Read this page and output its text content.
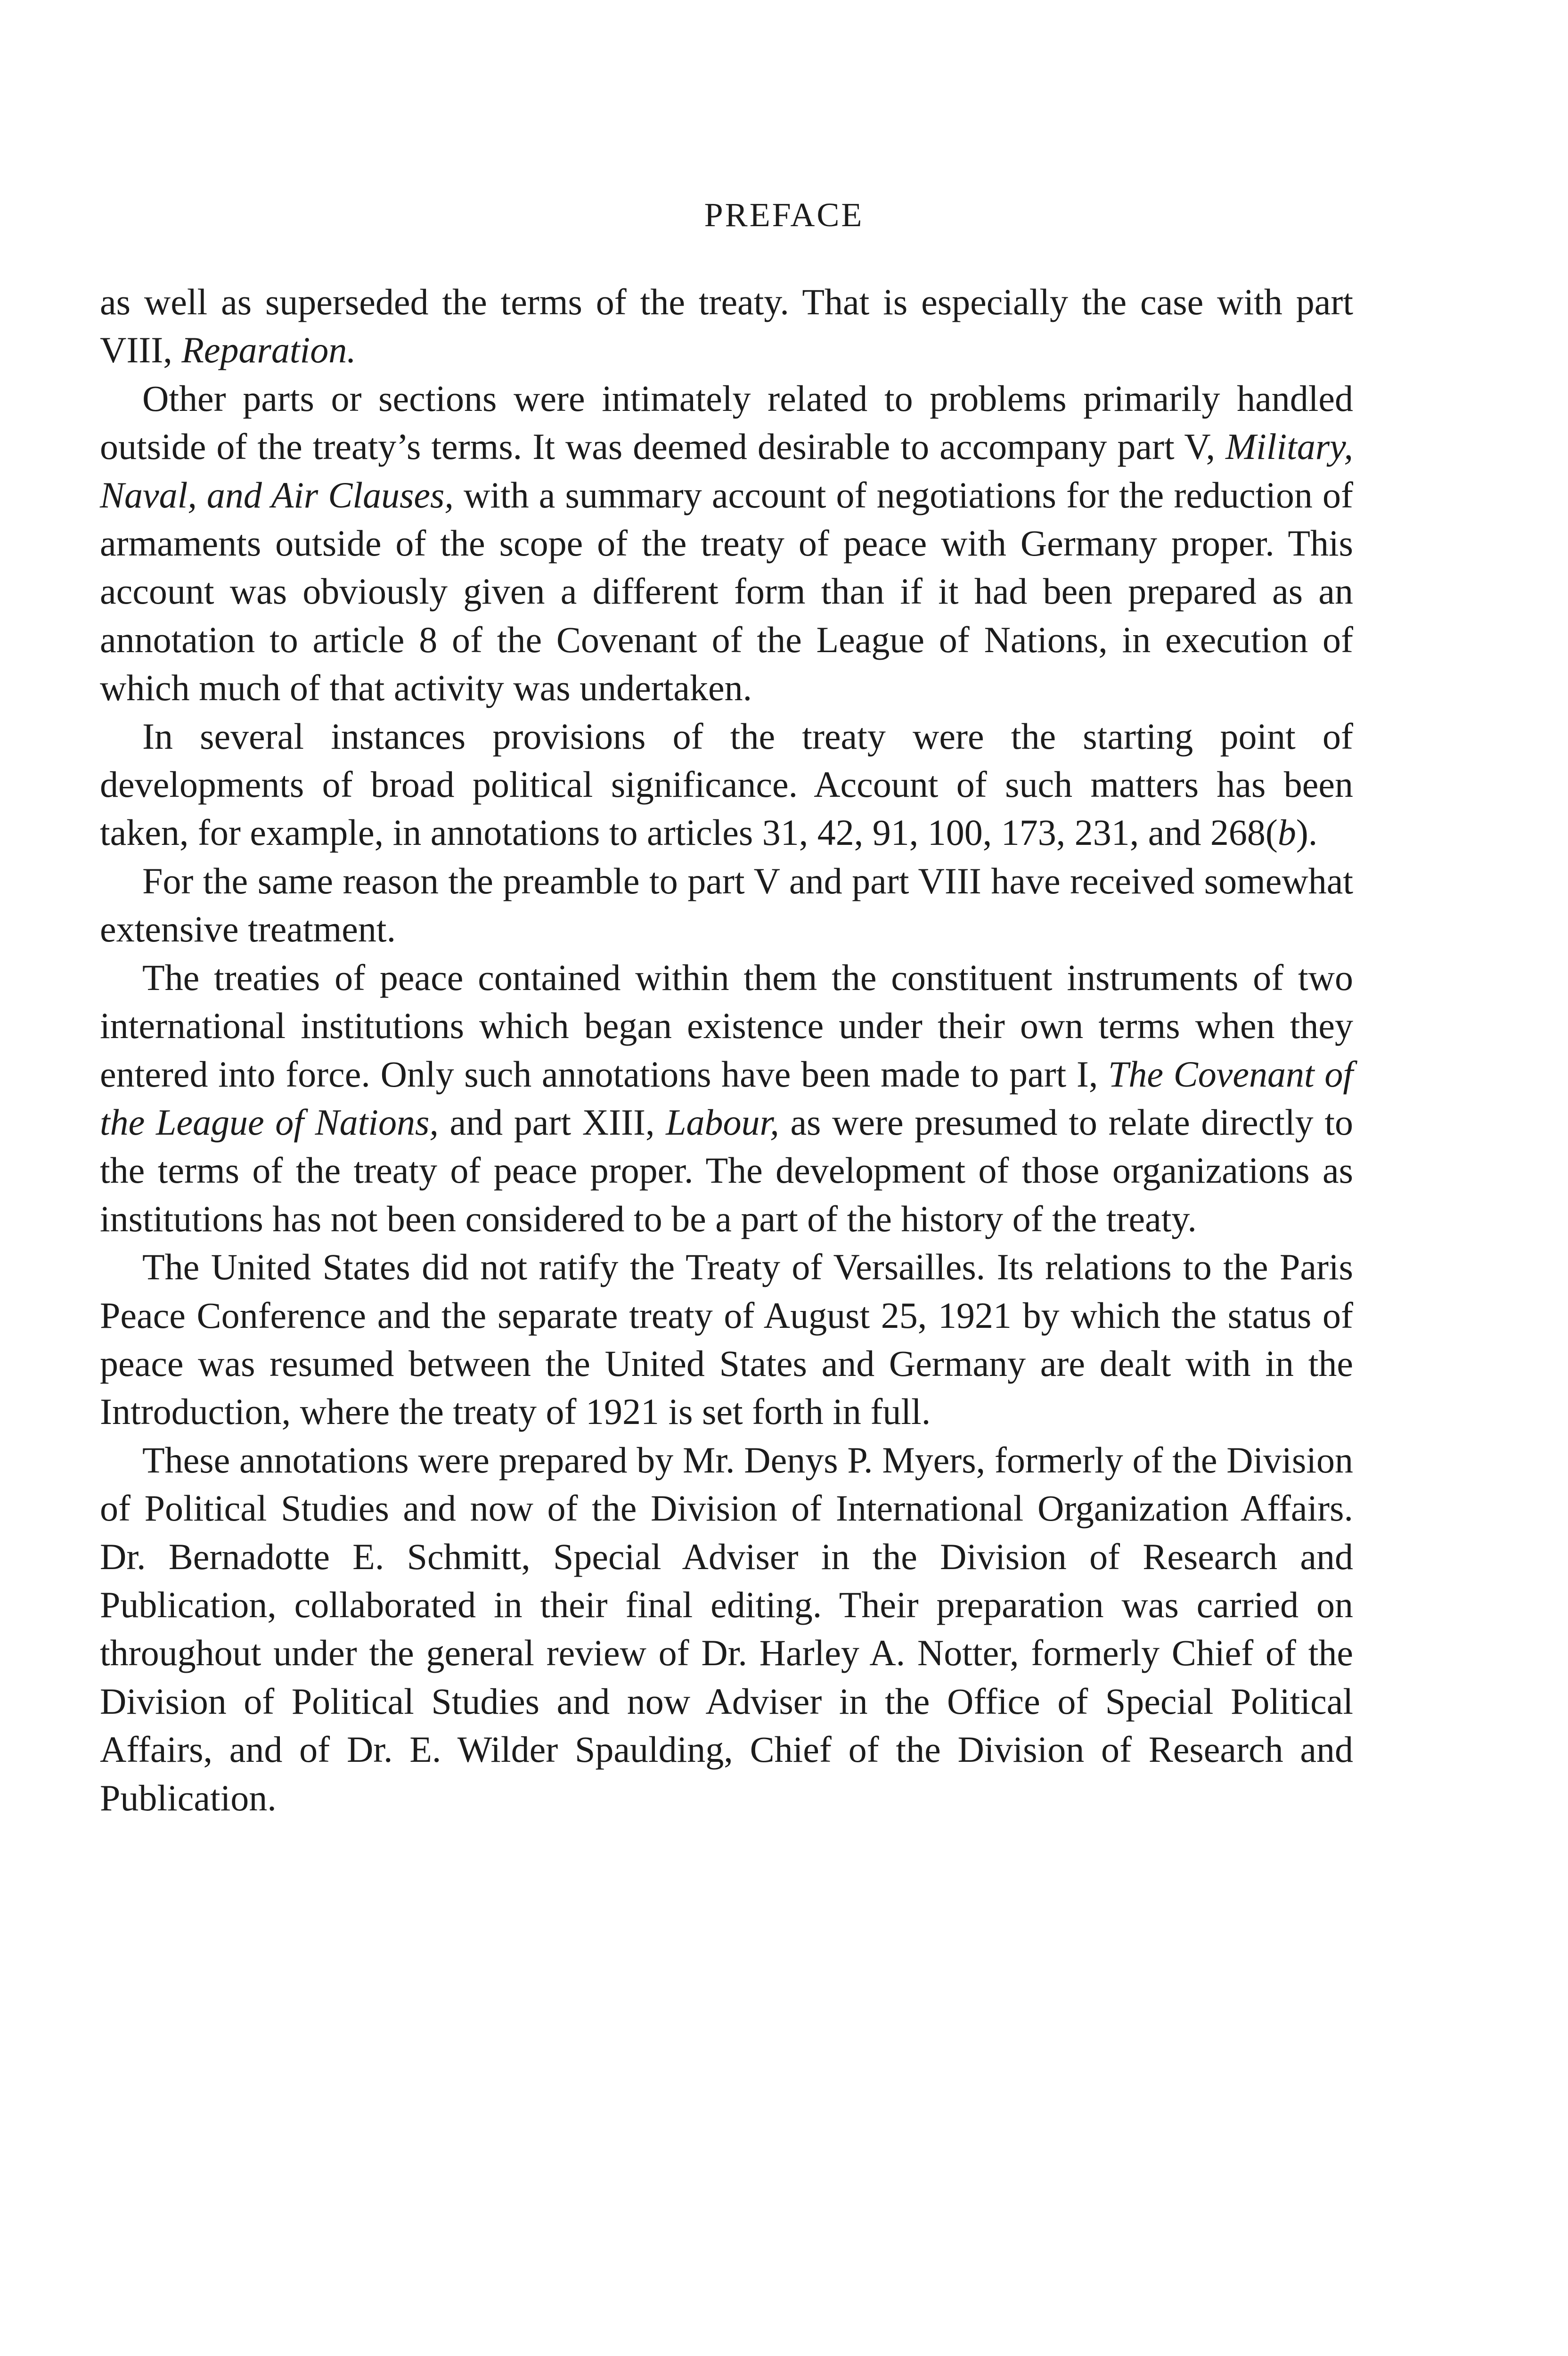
PREFACE

as well as superseded the terms of the treaty. That is especially the case with part VIII, Reparation.

Other parts or sections were intimately related to problems primarily handled outside of the treaty’s terms. It was deemed desirable to accompany part V, Military, Naval, and Air Clauses, with a summary account of negotiations for the reduction of armaments outside of the scope of the treaty of peace with Germany proper. This account was obviously given a different form than if it had been prepared as an annotation to article 8 of the Covenant of the League of Nations, in execution of which much of that activity was undertaken.

In several instances provisions of the treaty were the starting point of developments of broad political significance. Account of such matters has been taken, for example, in annotations to articles 31, 42, 91, 100, 173, 231, and 268(b).

For the same reason the preamble to part V and part VIII have received somewhat extensive treatment.

The treaties of peace contained within them the constituent instruments of two international institutions which began existence under their own terms when they entered into force. Only such annotations have been made to part I, The Covenant of the League of Nations, and part XIII, Labour, as were presumed to relate directly to the terms of the treaty of peace proper. The development of those organizations as institutions has not been considered to be a part of the history of the treaty.

The United States did not ratify the Treaty of Versailles. Its relations to the Paris Peace Conference and the separate treaty of August 25, 1921 by which the status of peace was resumed between the United States and Germany are dealt with in the Introduction, where the treaty of 1921 is set forth in full.

These annotations were prepared by Mr. Denys P. Myers, formerly of the Division of Political Studies and now of the Division of International Organization Affairs. Dr. Bernadotte E. Schmitt, Special Adviser in the Division of Research and Publication, collaborated in their final editing. Their preparation was carried on throughout under the general review of Dr. Harley A. Notter, formerly Chief of the Division of Political Studies and now Adviser in the Office of Special Political Affairs, and of Dr. E. Wilder Spaulding, Chief of the Division of Research and Publication.
